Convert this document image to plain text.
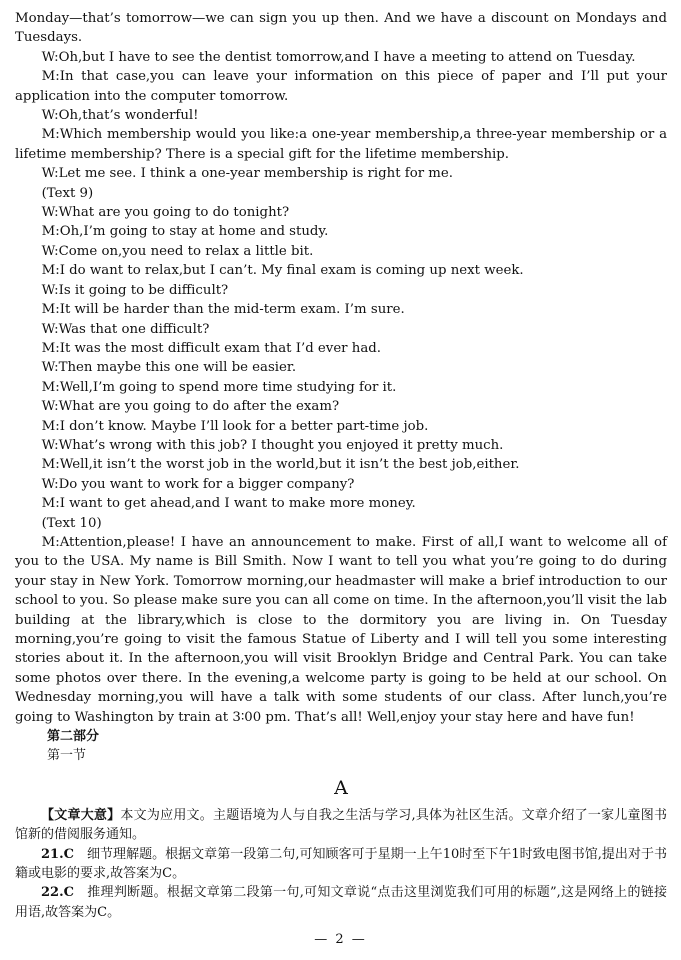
Monday—that’s tomorrow—we can sign you up then. And we have a discount on Mondays and Tuesdays.

W:Oh,but I have to see the dentist tomorrow,and I have a meeting to attend on Tuesday.

M:In that case,you can leave your information on this piece of paper and I’ll put your application into the computer tomorrow.

W:Oh,that’s wonderful!

M:Which membership would you like:a one-year membership,a three-year membership or a lifetime membership? There is a special gift for the lifetime membership.

W:Let me see. I think a one-year membership is right for me.

(Text 9)

W:What are you going to do tonight?

M:Oh,I’m going to stay at home and study.

W:Come on,you need to relax a little bit.

M:I do want to relax,but I can’t. My final exam is coming up next week.

W:Is it going to be difficult?

M:It will be harder than the mid-term exam. I’m sure.

W:Was that one difficult?

M:It was the most difficult exam that I’d ever had.

W:Then maybe this one will be easier.

M:Well,I’m going to spend more time studying for it.

W:What are you going to do after the exam?

M:I don’t know. Maybe I’ll look for a better part-time job.

W:What’s wrong with this job? I thought you enjoyed it pretty much.

M:Well,it isn’t the worst job in the world,but it isn’t the best job,either.

W:Do you want to work for a bigger company?

M:I want to get ahead,and I want to make more money.

(Text 10)

M:Attention,please! I have an announcement to make. First of all,I want to welcome all of you to the USA. My name is Bill Smith. Now I want to tell you what you’re going to do during your stay in New York. Tomorrow morning,our headmaster will make a brief introduction to our school to you. So please make sure you can all come on time. In the afternoon,you’ll visit the lab building at the library,which is close to the dormitory you are living in. On Tuesday morning,you’re going to visit the famous Statue of Liberty and I will tell you some interesting stories about it. In the afternoon,you will visit Brooklyn Bridge and Central Park. You can take some photos over there. In the evening,a welcome party is going to be held at our school. On Wednesday morning,you will have a talk with some students of our class. After lunch,you’re going to Washington by train at 3∶00 pm. That’s all! Well,enjoy your stay here and have fun!

第二部分
第一节
A

【文章大意】本文为应用文。主题语境为人与自我之生活与学习,具体为社区生活。文章介绍了一家儿童图书馆新的借阅服务通知。

21.C  细节理解题。根据文章第一段第二句,可知顾客可于星期一上午10时至下午1时致电图书馆,提出对于书籍或电影的要求,故答案为C。

22.C  推理判断题。根据文章第二段第一句,可知文章说“点击这里浏览我们可用的标题”,这是网络上的链接用语,故答案为C。

— 2 —
